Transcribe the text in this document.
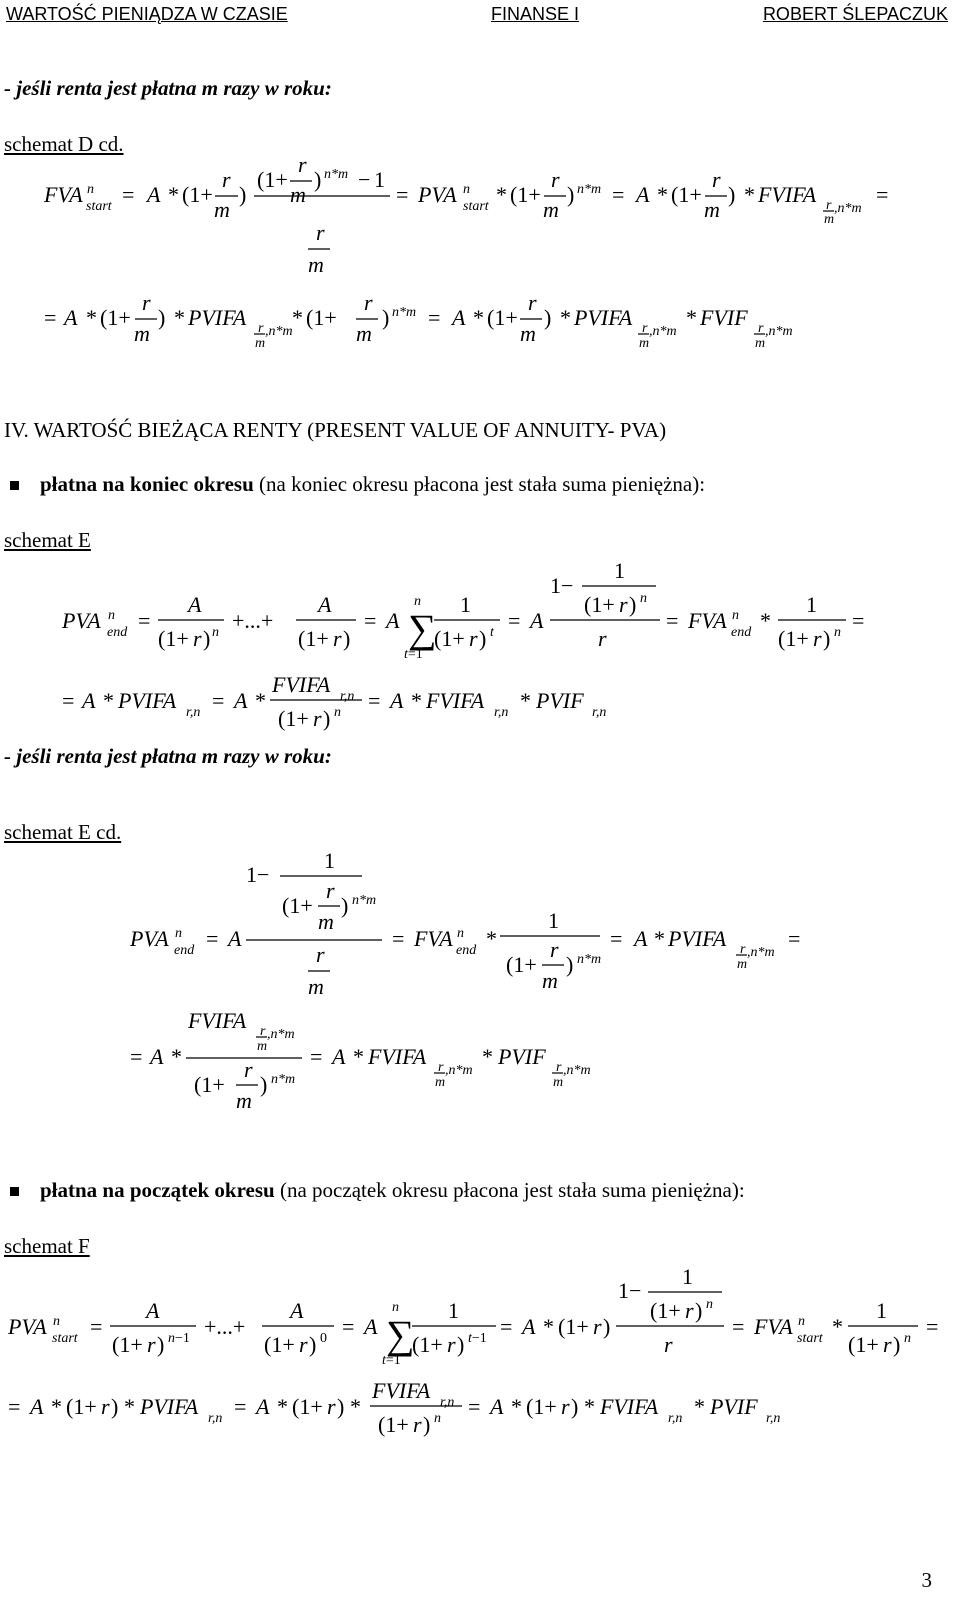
WARTOŚĆ PIENIĄDZA W CZASIE	FINANSE I	ROBERT ŚLEPACZUK
- jeśli renta jest płatna m razy w roku:
schemat D cd.
IV. WARTOŚĆ BIEŻĄCA RENTY (PRESENT VALUE OF ANNUITY- PVA)
płatna na koniec okresu (na koniec okresu płacona jest stała suma pieniężna):
schemat E
- jeśli renta jest płatna m razy w roku:
schemat E cd.
płatna na początek okresu (na początek okresu płacona jest stała suma pieniężna):
schemat F
FVA start
n = A * (1+
r
m
)
(1+
r
m
) n*m − 1
r
m
= PVA start
n * (1+
r
m
) n*m = A * (1+
r
m
) * FVIFA r
m
,n*m
=
= A * (1+
r
m
) * PVIFA r
m
,n*m
* (1+
r
m
) n*m = A * (1+
r
m
) * PVIFA r
m
,n*m
* FVIF r
m
,n*m
PVA end
n =
A
(1+ r ) n +...+
A
(1+ r )
= A ∑
n
t=1
1
(1+ r ) t = A
1−
1
(1+ r ) n
r
= FVA end
n *
1
(1+ r ) n =
= A * PVIFA r,n = A *
FVIFA r,n
(1+ r ) n = A * FVIFA r,n * PVIF r,n
PVA end
n = A
1−
1
(1+
r
m
) n*m
r
m
= FVA end
n *
1
(1+
r
m
) n*m
= A * PVIFA r
m
,n*m
=
= A *
FVIFA r
m
,n*m
(1+
r
m
) n*m
= A * FVIFA r
m
,n*m
* PVIF r
m
,n*m
PVA start
n =
A
(1+ r ) n−1 +...+
A
(1+ r ) 0 = A ∑
n
t=1
1
(1+ r ) t−1 = A * (1+ r )
1−
1
(1+ r ) n
r
= FVA start
n *
1
(1+ r ) n =
= A * (1+ r ) * PVIFA r,n = A * (1+ r ) *
FVIFA r,n
(1+ r ) n = A * (1+ r ) * FVIFA r,n * PVIF r,n
3
